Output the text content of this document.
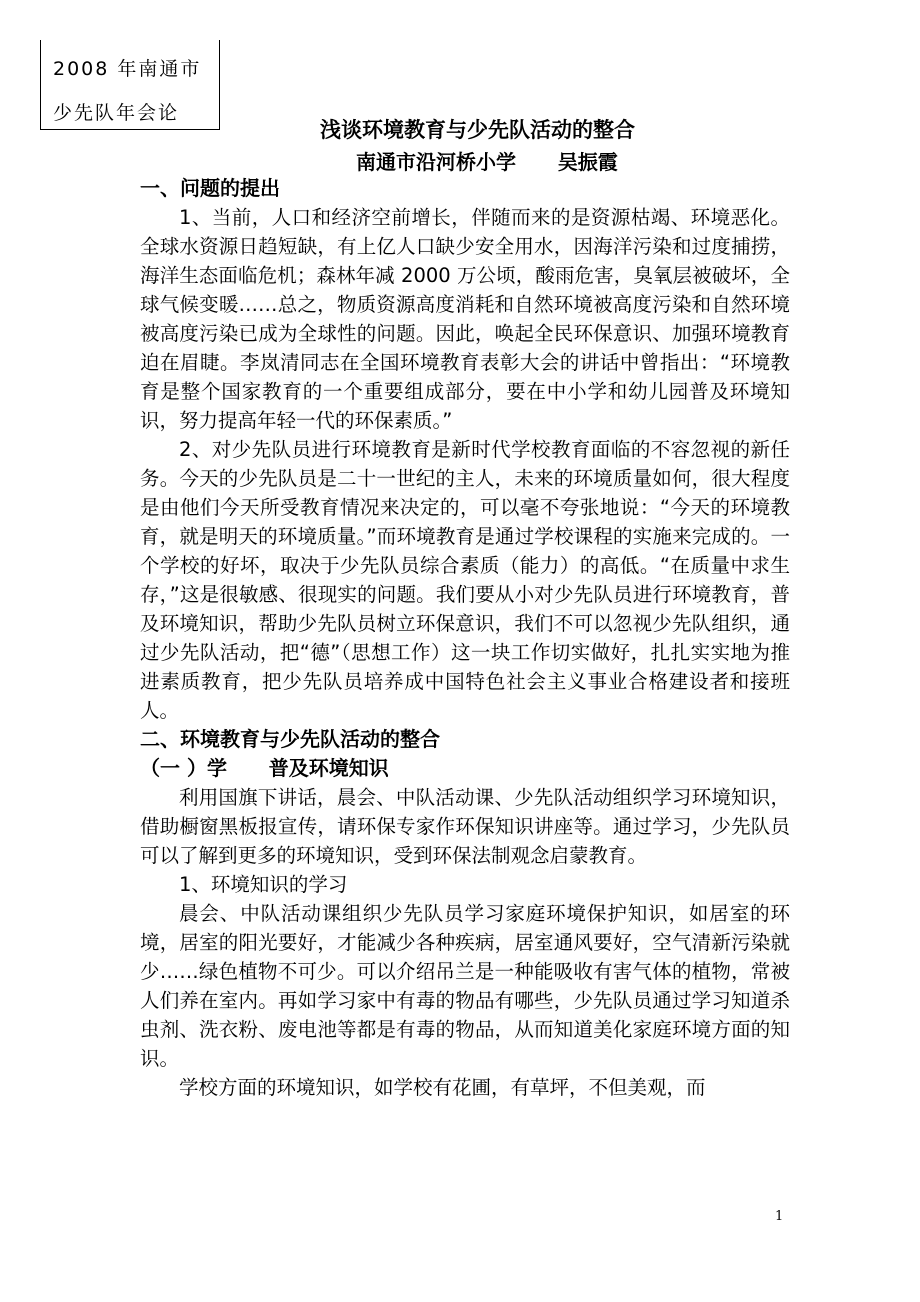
2008 年南通市
少先队年会论
浅谈环境教育与少先队活动的整合
南通市沿河桥小学      吴振霞

一、问题的提出

1、当前，人口和经济空前增长，伴随而来的是资源枯竭、环境恶化。全球水资源日趋短缺，有上亿人口缺少安全用水，因海洋污染和过度捕捞，海洋生态面临危机；森林年减 2000 万公顷，酸雨危害，臭氧层被破坏，全球气候变暖……总之，物质资源高度消耗和自然环境被高度污染和自然环境被高度污染已成为全球性的问题。因此，唤起全民环保意识、加强环境教育迫在眉睫。李岚清同志在全国环境教育表彰大会的讲话中曾指出：“环境教育是整个国家教育的一个重要组成部分，要在中小学和幼儿园普及环境知识，努力提高年轻一代的环保素质。”

2、对少先队员进行环境教育是新时代学校教育面临的不容忽视的新任务。今天的少先队员是二十一世纪的主人，未来的环境质量如何，很大程度是由他们今天所受教育情况来决定的，可以毫不夸张地说：“今天的环境教育，就是明天的环境质量。”而环境教育是通过学校课程的实施来完成的。一个学校的好坏，取决于少先队员综合素质（能力）的高低。“在质量中求生存，”这是很敏感、很现实的问题。我们要从小对少先队员进行环境教育，普及环境知识，帮助少先队员树立环保意识，我们不可以忽视少先队组织，通过少先队活动，把“德”（思想工作）这一块工作切实做好，扎扎实实地为推进素质教育，把少先队员培养成中国特色社会主义事业合格建设者和接班人。

二、环境教育与少先队活动的整合

（一 ）学      普及环境知识

利用国旗下讲话，晨会、中队活动课、少先队活动组织学习环境知识，借助橱窗黑板报宣传，请环保专家作环保知识讲座等。通过学习，少先队员可以了解到更多的环境知识，受到环保法制观念启蒙教育。

1、环境知识的学习

晨会、中队活动课组织少先队员学习家庭环境保护知识，如居室的环境，居室的阳光要好，才能减少各种疾病，居室通风要好，空气清新污染就少……绿色植物不可少。可以介绍吊兰是一种能吸收有害气体的植物，常被人们养在室内。再如学习家中有毒的物品有哪些，少先队员通过学习知道杀虫剂、洗衣粉、废电池等都是有毒的物品，从而知道美化家庭环境方面的知识。

学校方面的环境知识，如学校有花圃，有草坪，不但美观，而

1
